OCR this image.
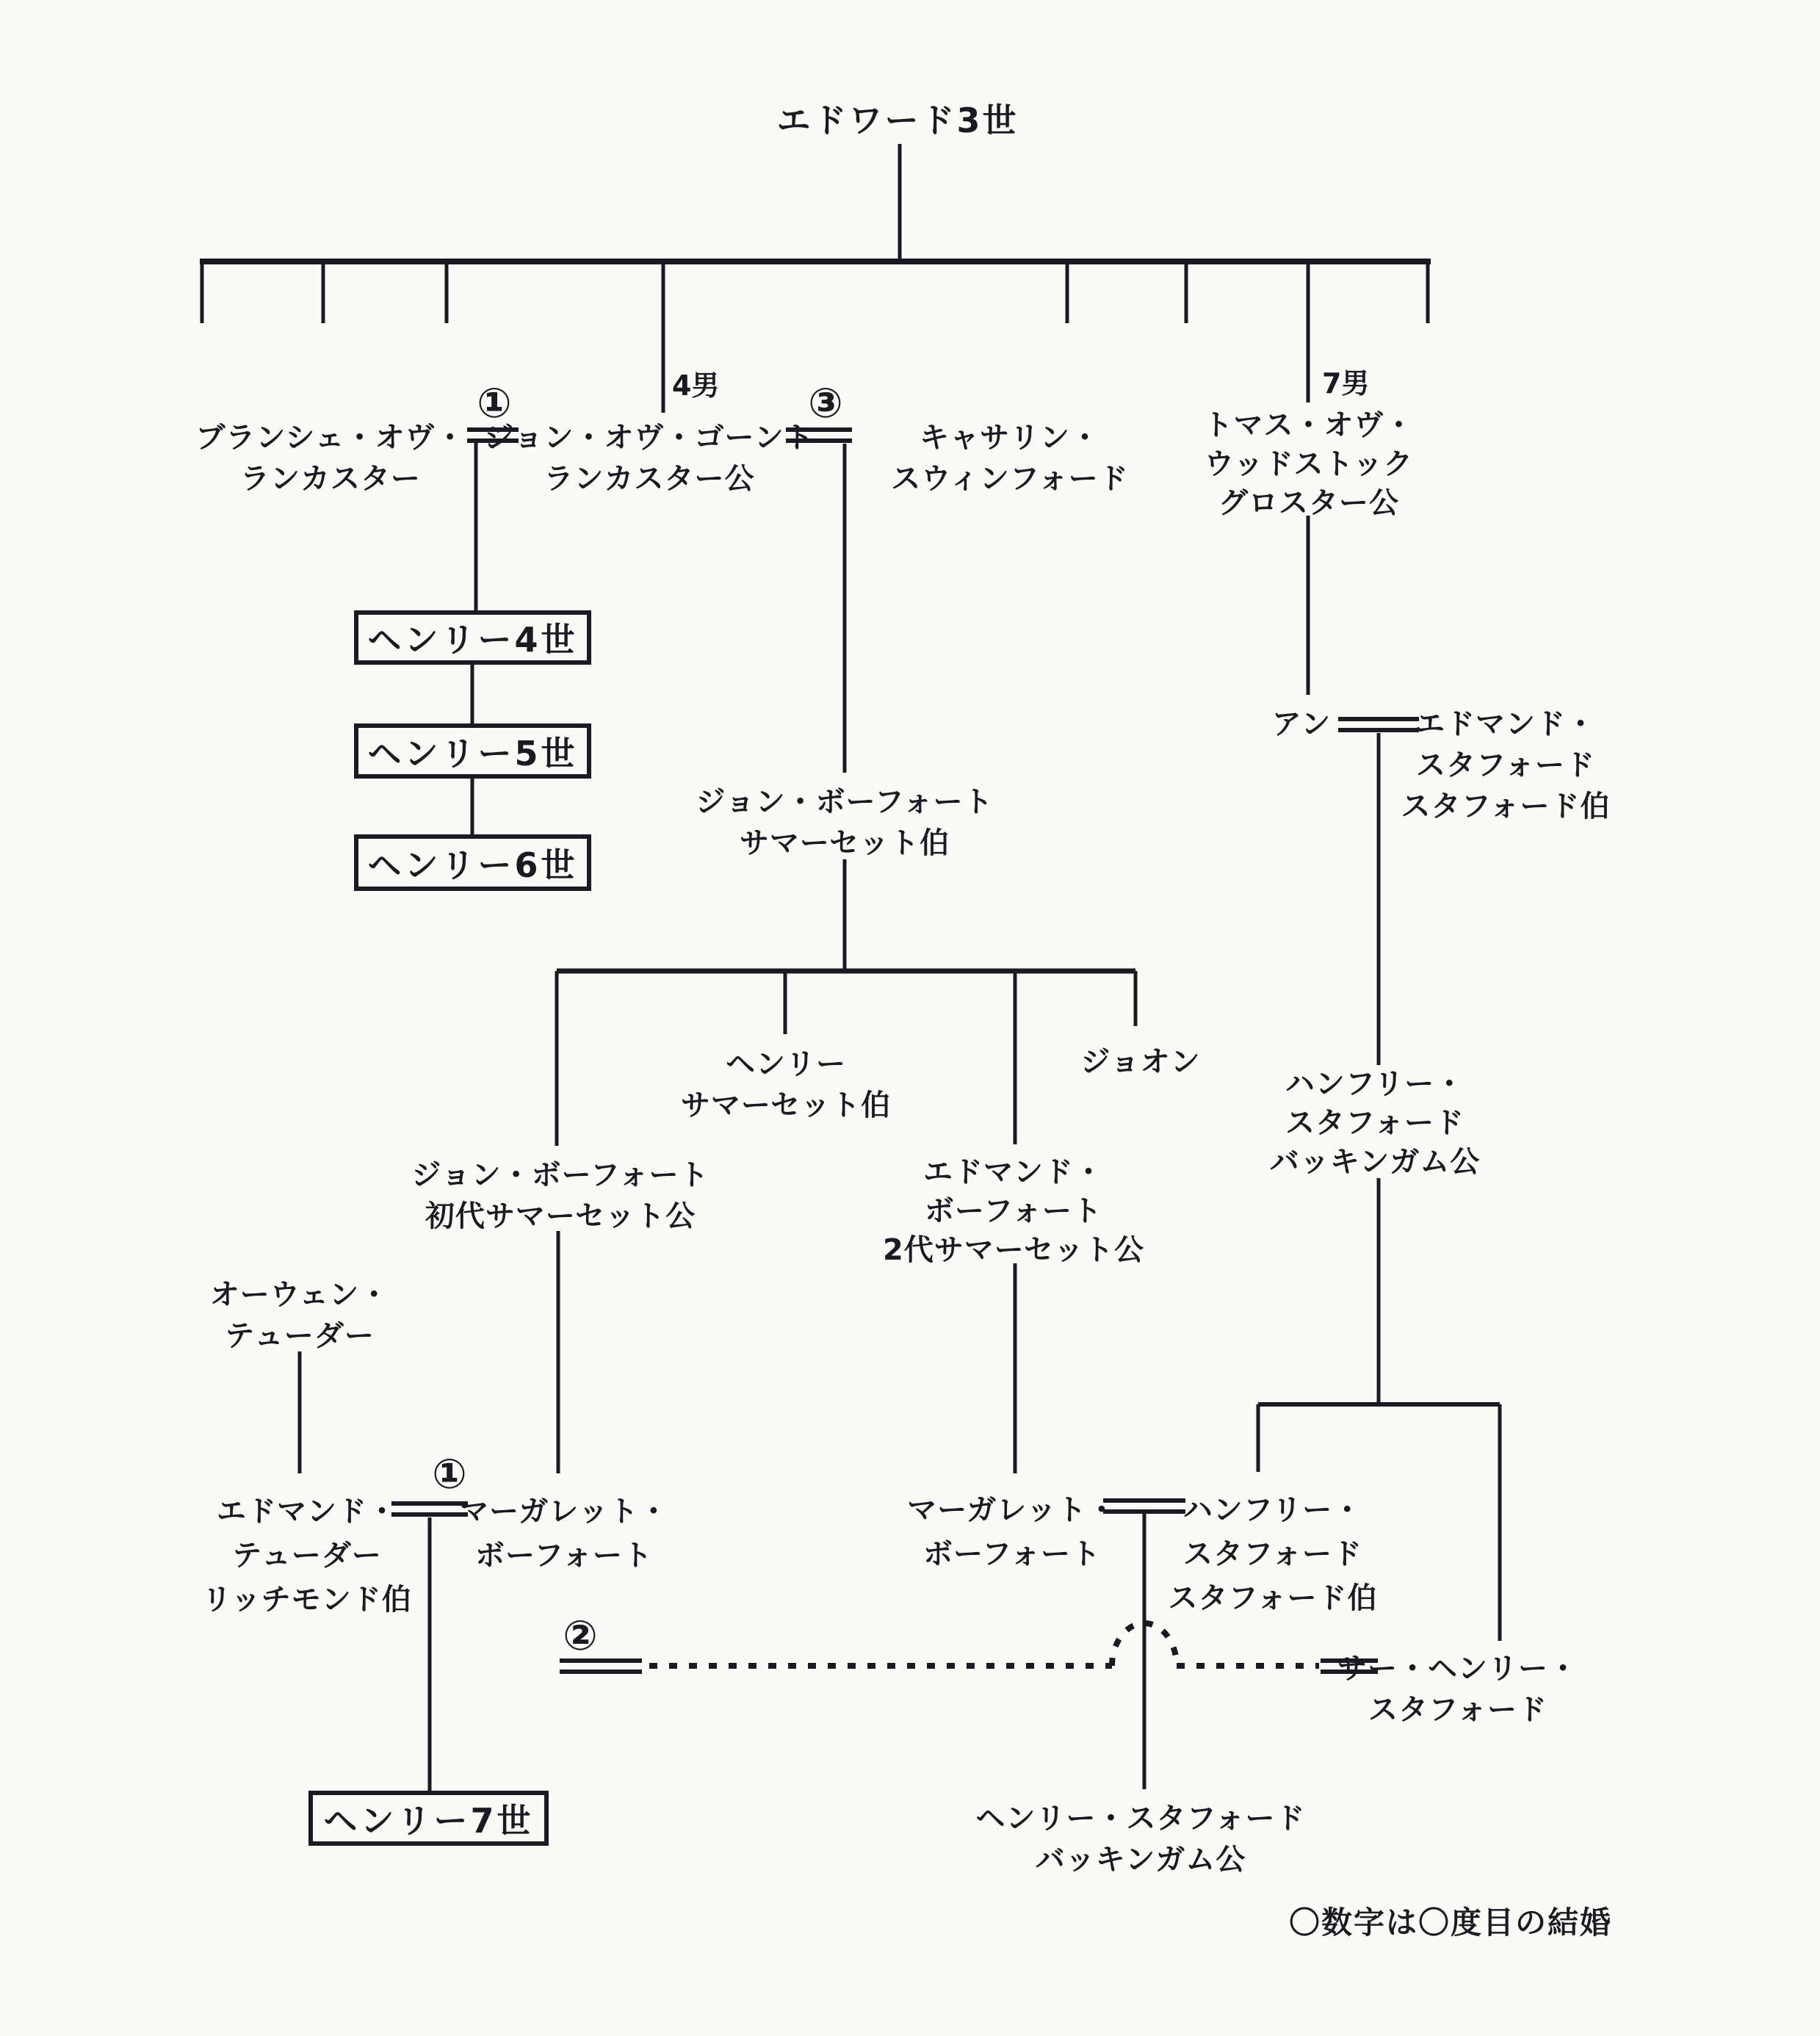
エドワード3世
ブランシェ・オヴ・
ランカスター
①	4男
ジョン・オヴ・ゴーント
ランカスター公
③
キャサリン・
スウィンフォード
7男
トマス・オヴ・
ウッドストック
グロスター公
ヘンリー4世
ヘンリー5世
ヘンリー6世
ジョン・ボーフォート
サマーセット伯
ヘンリー
サマーセット伯
ジョオン
ジョン・ボーフォート
初代サマーセット公
エドマンド・
ボーフォート
2代サマーセット公
オーウェン・
テューダー
エドマンド・
テューダー
リッチモンド伯
①
マーガレット・
ボーフォート
ヘンリー7世
アン	エドマンド・
スタフォード
スタフォード伯
ハンフリー・
スタフォード
バッキンガム公
マーガレット・
ボーフォート
ハンフリー・
スタフォード
スタフォード伯
②
サー・ヘンリー・
スタフォード
ヘンリー・スタフォード
バッキンガム公
〇数字は〇度目の結婚
